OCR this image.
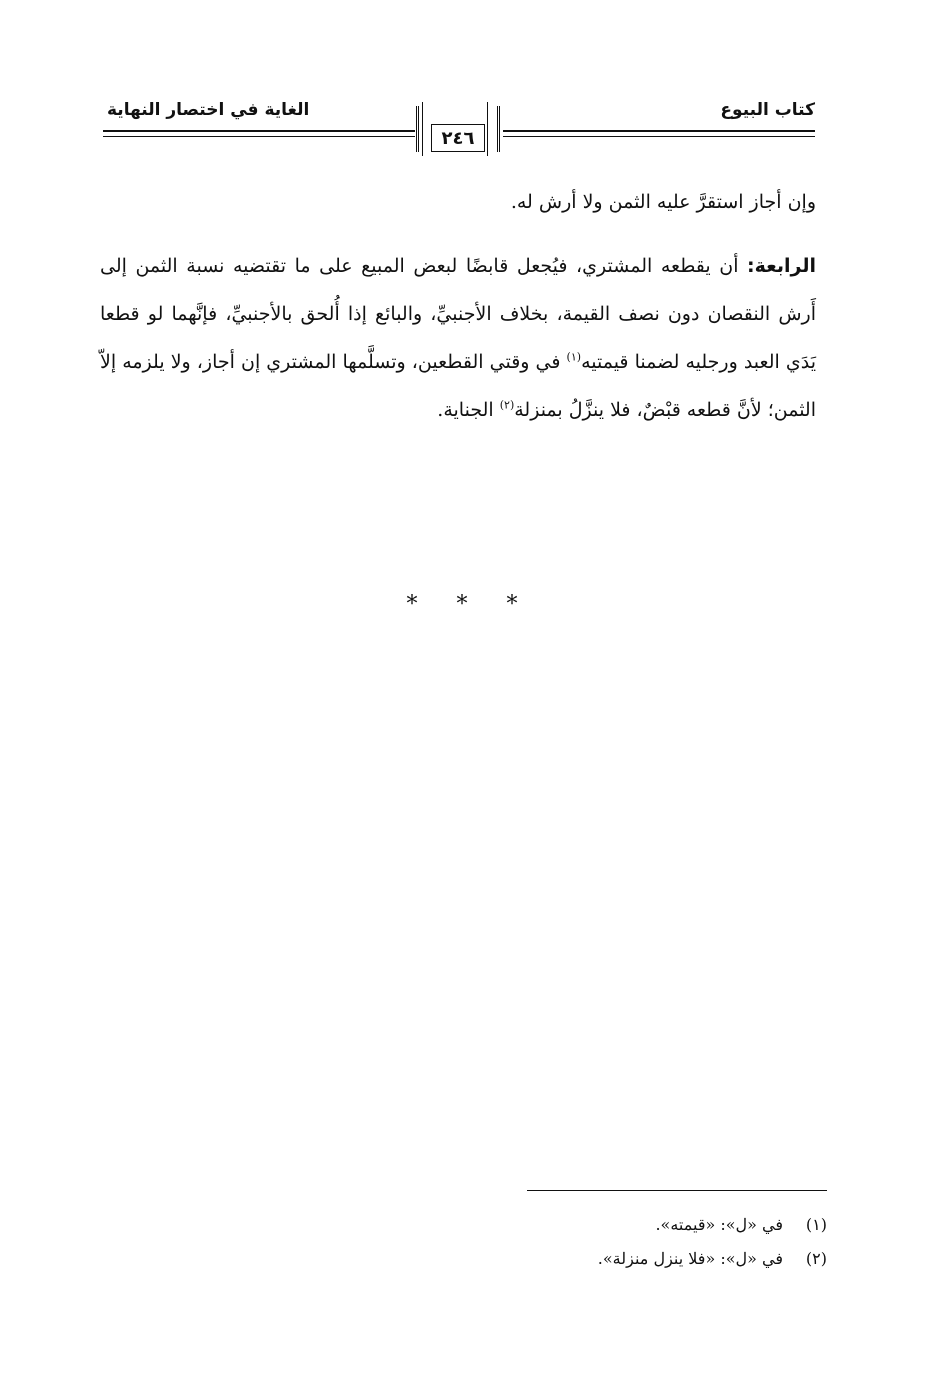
كتاب البيوع
الغاية في اختصار النهاية
٢٤٦

وإن أجاز استقرَّ عليه الثمن ولا أرش له.

الرابعة: أن يقطعه المشتري، فيُجعل قابضًا لبعض المبيع على ما تقتضيه نسبة الثمن إلى أَرش النقصان دون نصف القيمة، بخلاف الأجنبيِّ، والبائع إذا أُلحق بالأجنبيِّ، فإنَّهما لو قطعا يَدَي العبد ورجليه لضمنا قيمتيه$^{(١)}$ في وقتي القطعين، وتسلَّمها المشتري إن أجاز، ولا يلزمه إلاّ الثمن؛ لأنَّ قطعه قبْضٌ، فلا ينزَّلُ بمنزلة$^{(٢)}$ الجناية.

* * *
(١)
في «ل»: «قيمته».
(٢)
في «ل»: «فلا ينزل منزلة».
